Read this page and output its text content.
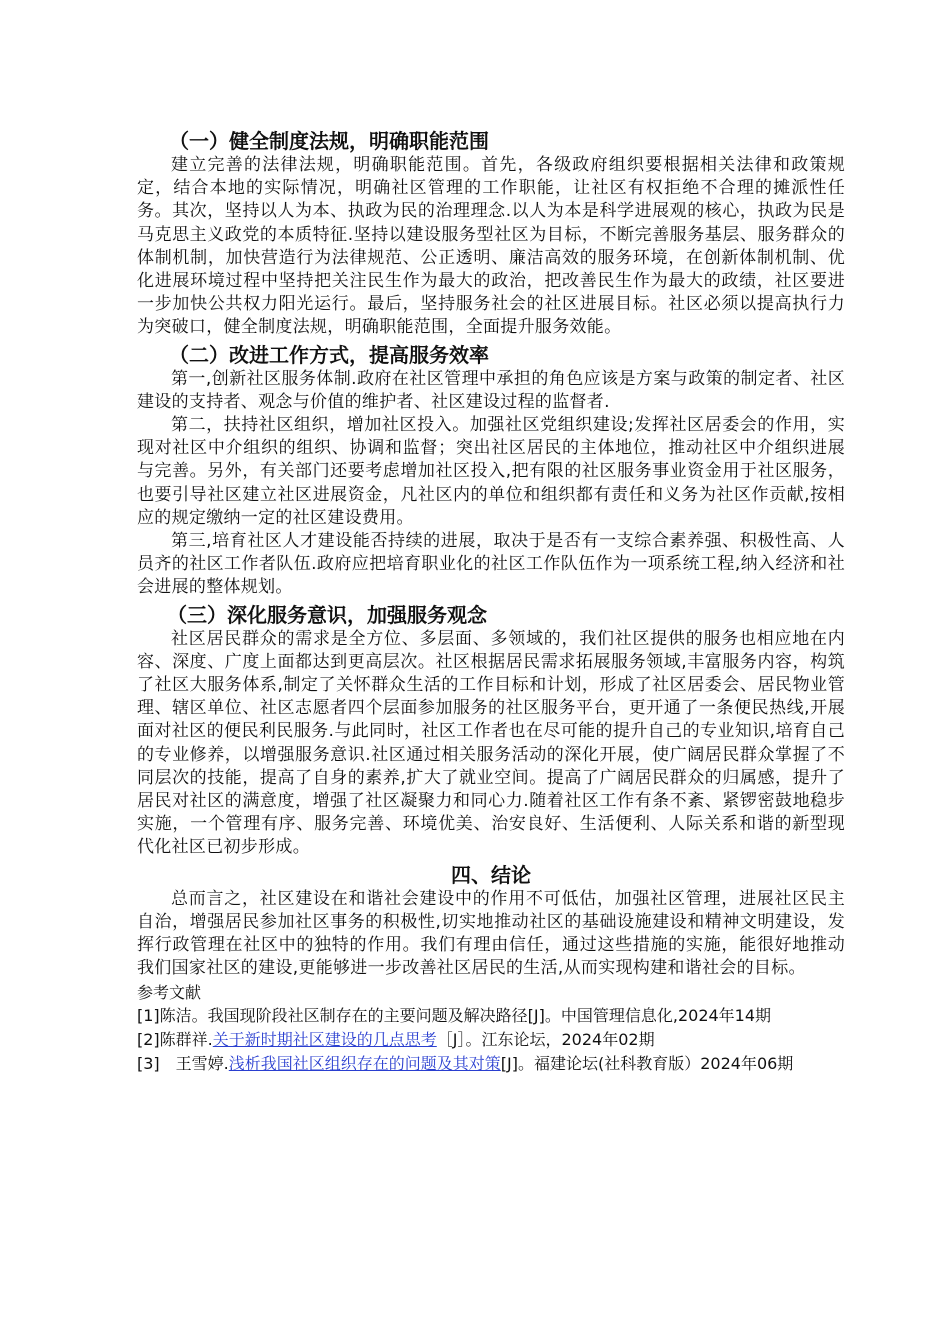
（一）健全制度法规，明确职能范围

建立完善的法律法规，明确职能范围。首先，各级政府组织要根据相关法律和政策规定，结合本地的实际情况，明确社区管理的工作职能，让社区有权拒绝不合理的摊派性任务。其次，坚持以人为本、执政为民的治理理念.以人为本是科学进展观的核心，执政为民是马克思主义政党的本质特征.坚持以建设服务型社区为目标，不断完善服务基层、服务群众的体制机制，加快营造行为法律规范、公正透明、廉洁高效的服务环境，在创新体制机制、优化进展环境过程中坚持把关注民生作为最大的政治，把改善民生作为最大的政绩，社区要进一步加快公共权力阳光运行。最后，坚持服务社会的社区进展目标。社区必须以提高执行力为突破口，健全制度法规，明确职能范围，全面提升服务效能。

（二）改进工作方式，提高服务效率

第一,创新社区服务体制.政府在社区管理中承担的角色应该是方案与政策的制定者、社区建设的支持者、观念与价值的维护者、社区建设过程的监督者.

第二，扶持社区组织，增加社区投入。加强社区党组织建设;发挥社区居委会的作用，实现对社区中介组织的组织、协调和监督；突出社区居民的主体地位，推动社区中介组织进展与完善。另外，有关部门还要考虑增加社区投入,把有限的社区服务事业资金用于社区服务，也要引导社区建立社区进展资金，凡社区内的单位和组织都有责任和义务为社区作贡献,按相应的规定缴纳一定的社区建设费用。

第三,培育社区人才建设能否持续的进展，取决于是否有一支综合素养强、积极性高、人员齐的社区工作者队伍.政府应把培育职业化的社区工作队伍作为一项系统工程,纳入经济和社会进展的整体规划。

（三）深化服务意识，加强服务观念

社区居民群众的需求是全方位、多层面、多领域的，我们社区提供的服务也相应地在内容、深度、广度上面都达到更高层次。社区根据居民需求拓展服务领域,丰富服务内容，构筑了社区大服务体系,制定了关怀群众生活的工作目标和计划，形成了社区居委会、居民物业管理、辖区单位、社区志愿者四个层面参加服务的社区服务平台，更开通了一条便民热线,开展面对社区的便民利民服务.与此同时，社区工作者也在尽可能的提升自己的专业知识,培育自己的专业修养，以增强服务意识.社区通过相关服务活动的深化开展，使广阔居民群众掌握了不同层次的技能，提高了自身的素养,扩大了就业空间。提高了广阔居民群众的归属感，提升了居民对社区的满意度，增强了社区凝聚力和同心力.随着社区工作有条不紊、紧锣密鼓地稳步实施，一个管理有序、服务完善、环境优美、治安良好、生活便利、人际关系和谐的新型现代化社区已初步形成。

四、结论

总而言之，社区建设在和谐社会建设中的作用不可低估，加强社区管理，进展社区民主自治，增强居民参加社区事务的积极性,切实地推动社区的基础设施建设和精神文明建设，发挥行政管理在社区中的独特的作用。我们有理由信任，通过这些措施的实施，能很好地推动我们国家社区的建设,更能够进一步改善社区居民的生活,从而实现构建和谐社会的目标。

参考文献
[1]陈洁。我国现阶段社区制存在的主要问题及解决路径[J]。中国管理信息化,2024年14期
[2]陈群祥.关于新时期社区建设的几点思考［J］。江东论坛，2024年02期
[3]　王雪婷.浅析我国社区组织存在的问题及其对策[J]。福建论坛(社科教育版）2024年06期
